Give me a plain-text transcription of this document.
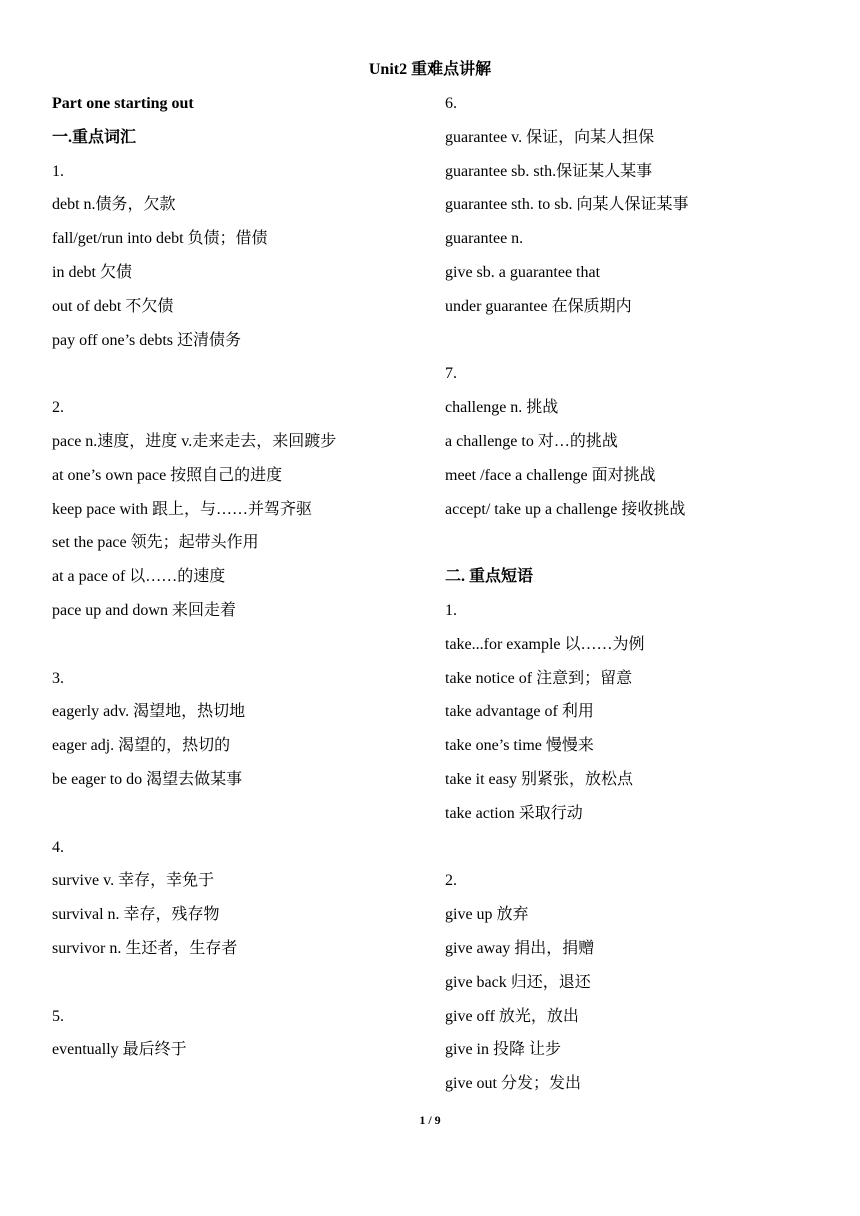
Unit2 重难点讲解
Part one starting out
一.重点词汇
1.
debt n.债务，欠款
fall/get/run into debt 负债；借债
in debt 欠债
out of debt 不欠债
pay off one’s debts 还清债务
2.
pace n.速度，进度 v.走来走去，来回踱步
at one’s own pace 按照自己的进度
keep pace with 跟上，与……并驾齐驱
set the pace 领先；起带头作用
at a pace of 以……的速度
pace up and down 来回走着
3.
eagerly adv. 渴望地，热切地
eager adj. 渴望的，热切的
be eager to do 渴望去做某事
4.
survive v. 幸存，幸免于
survival n. 幸存，残存物
survivor n. 生还者，生存者
5.
eventually 最后终于
6.
guarantee v. 保证，向某人担保
guarantee sb. sth.保证某人某事
guarantee sth. to sb. 向某人保证某事
guarantee n.
give sb. a guarantee that
under guarantee 在保质期内
7.
challenge n. 挑战
a challenge to 对…的挑战
meet /face a challenge 面对挑战
accept/ take up a challenge 接收挑战
二. 重点短语
1.
take...for example 以……为例
take notice of 注意到；留意
take advantage of 利用
take one’s time 慢慢来
take it easy 别紧张，放松点
take action 采取行动
2.
give up 放弃
give away 捐出，捐赠
give back 归还，退还
give off 放光，放出
give in 投降 让步
give out 分发；发出
1 / 9
